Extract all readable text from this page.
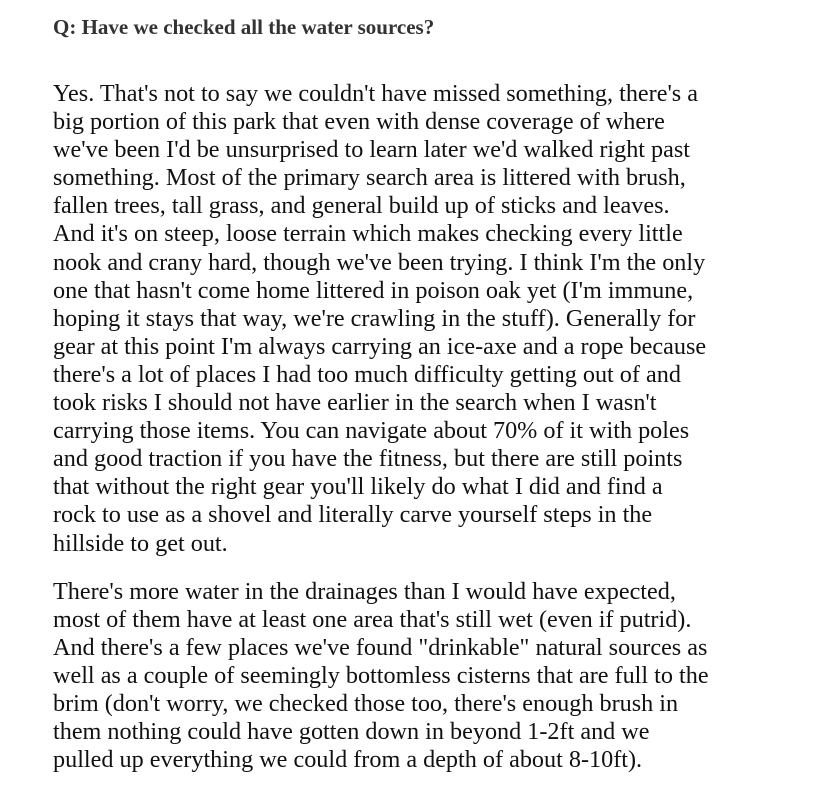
Q: Have we checked all the water sources?

Yes. That's not to say we couldn't have missed something, there's a
big portion of this park that even with dense coverage of where
we've been I'd be unsurprised to learn later we'd walked right past
something. Most of the primary search area is littered with brush,
fallen trees, tall grass, and general build up of sticks and leaves.
And it's on steep, loose terrain which makes checking every little
nook and crany hard, though we've been trying. I think I'm the only
one that hasn't come home littered in poison oak yet (I'm immune,
hoping it stays that way, we're crawling in the stuff). Generally for
gear at this point I'm always carrying an ice-axe and a rope because
there's a lot of places I had too much difficulty getting out of and
took risks I should not have earlier in the search when I wasn't
carrying those items. You can navigate about 70% of it with poles
and good traction if you have the fitness, but there are still points
that without the right gear you'll likely do what I did and find a
rock to use as a shovel and literally carve yourself steps in the
hillside to get out.

There's more water in the drainages than I would have expected,
most of them have at least one area that's still wet (even if putrid).
And there's a few places we've found "drinkable" natural sources as
well as a couple of seemingly bottomless cisterns that are full to the
brim (don't worry, we checked those too, there's enough brush in
them nothing could have gotten down in beyond 1-2ft and we
pulled up everything we could from a depth of about 8-10ft).
